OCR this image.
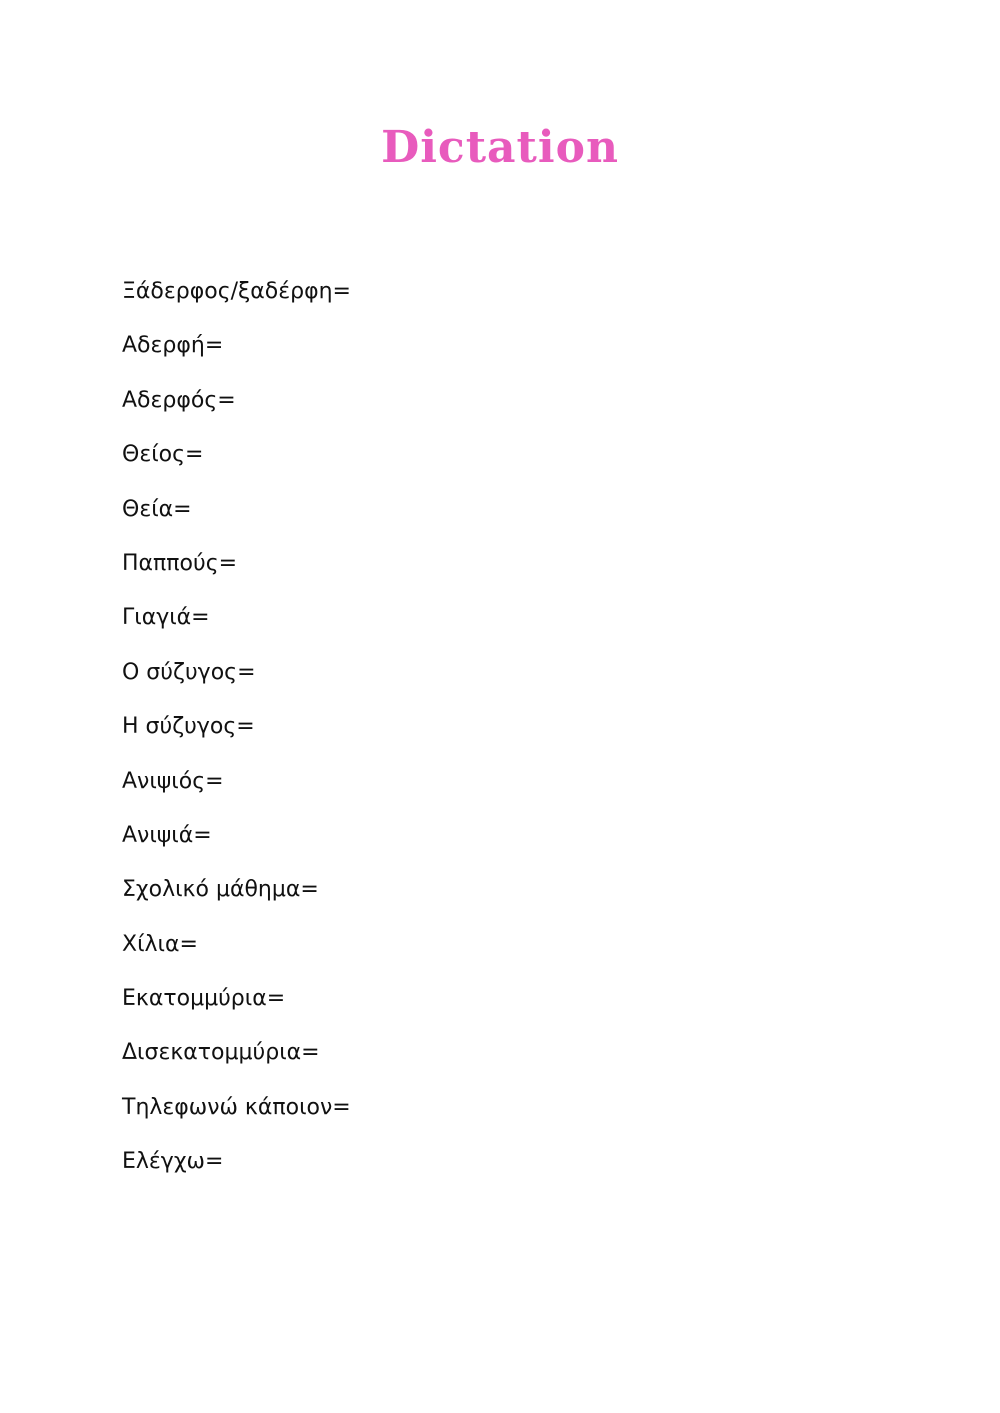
Dictation
Ξάδερφος/ξαδέρφη=
Αδερφή=
Αδερφός=
Θείος=
Θεία=
Παππούς=
Γιαγιά=
Ο σύζυγος=
Η σύζυγος=
Ανιψιός=
Ανιψιά=
Σχολικό μάθημα=
Χίλια=
Εκατομμύρια=
Δισεκατομμύρια=
Τηλεφωνώ κάποιον=
Ελέγχω=
